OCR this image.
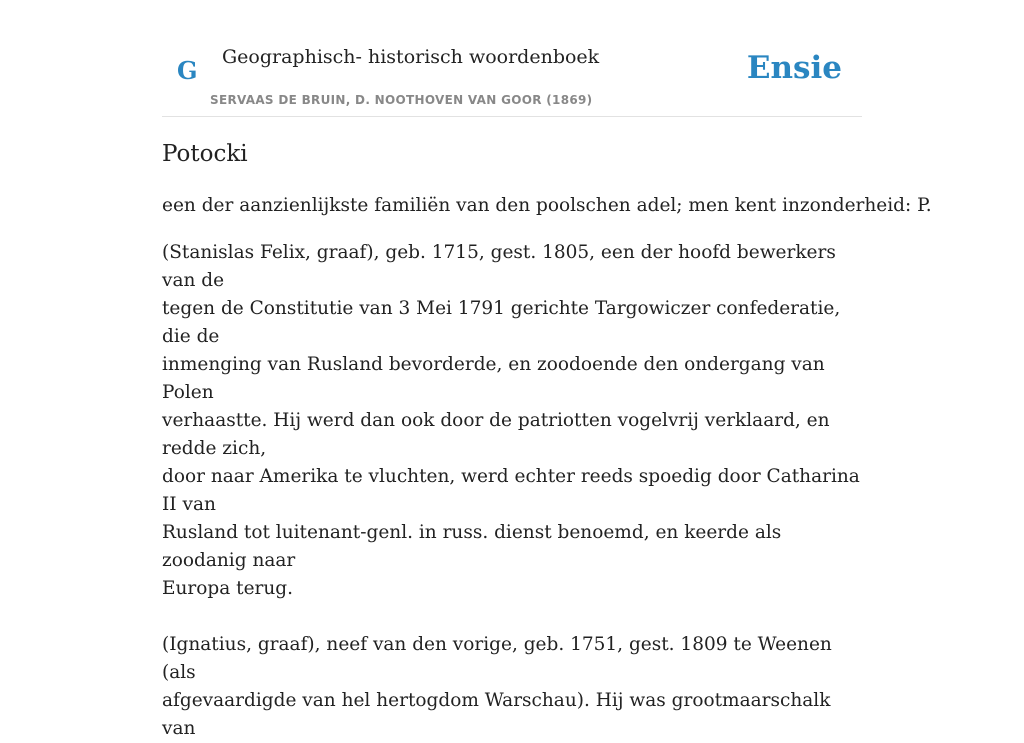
G Geographisch- historisch woordenboek
SERVAAS DE BRUIN, D. NOOTHOVEN VAN GOOR (1869)
Ensie
Potocki

een der aanzienlijkste familiën van den poolschen adel; men kent inzonderheid: P.

(Stanislas Felix, graaf), geb. 1715, gest. 1805, een der hoofd bewerkers van de
tegen de Constitutie van 3 Mei 1791 gerichte Targowiczer confederatie, die de
inmenging van Rusland bevorderde, en zoodoende den ondergang van Polen
verhaastte. Hij werd dan ook door de patriotten vogelvrij verklaard, en redde zich,
door naar Amerika te vluchten, werd echter reeds spoedig door Catharina II van
Rusland tot luitenant-genl. in russ. dienst benoemd, en keerde als zoodanig naar
Europa terug.

(Ignatius, graaf), neef van den vorige, geb. 1751, gest. 1809 te Weenen (als
afgevaardigde van hel hertogdom Warschau). Hij was grootmaarschalk van
